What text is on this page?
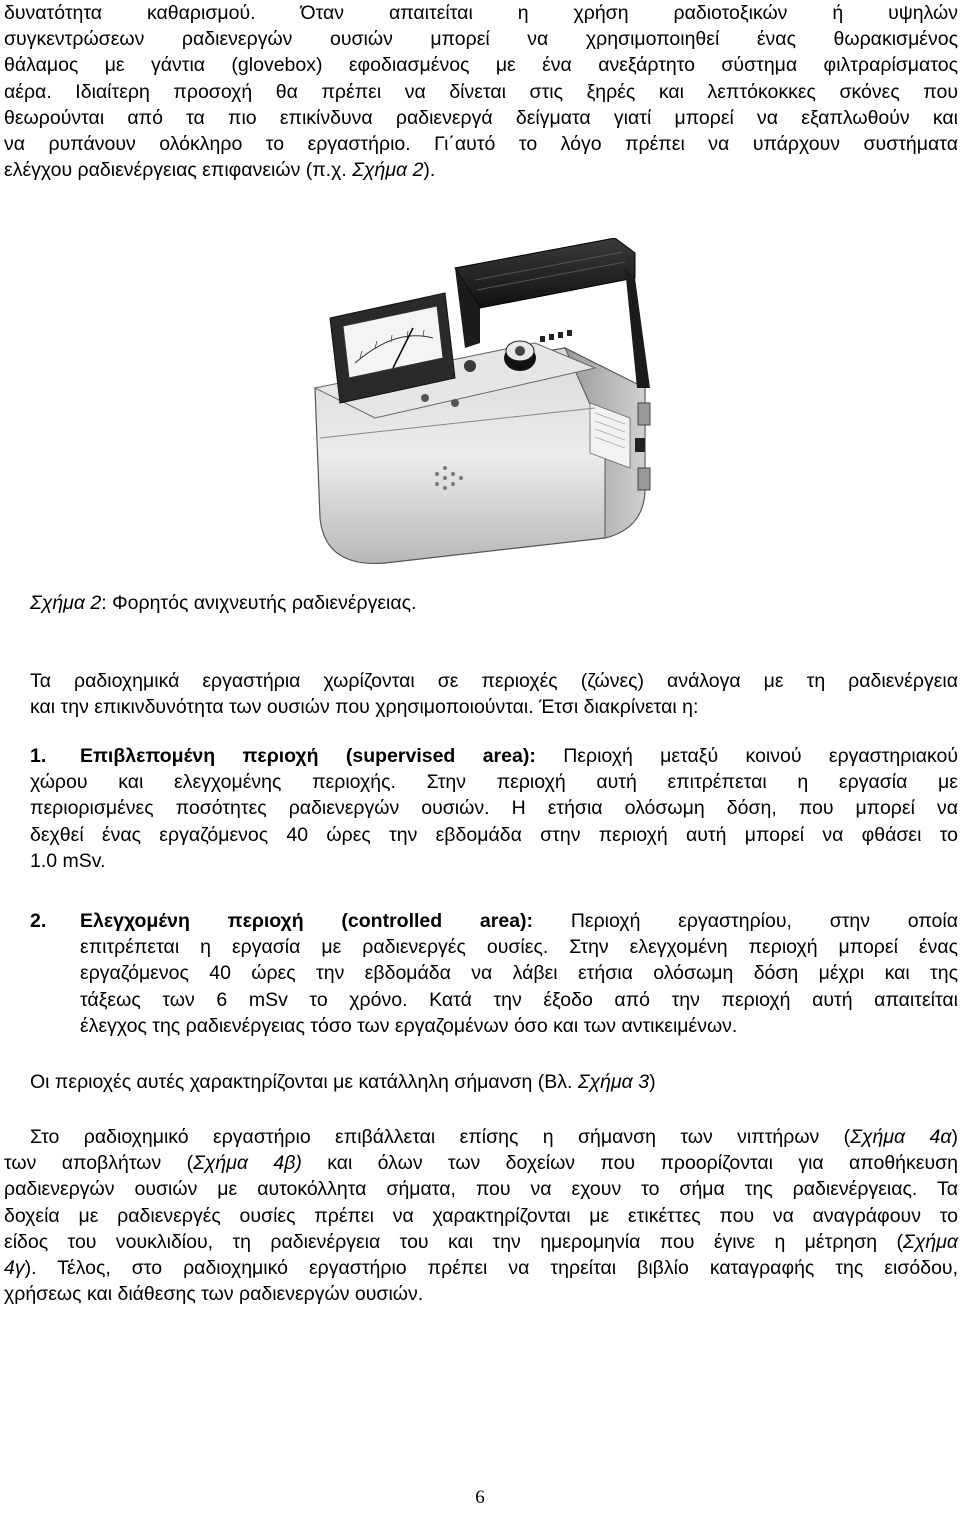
δυνατότητα καθαρισμού. Όταν απαιτείται η χρήση ραδιοτοξικών ή υψηλών
συγκεντρώσεων ραδιενεργών ουσιών μπορεί να χρησιμοποιηθεί ένας θωρακισμένος
θάλαμος με γάντια (glovebox) εφοδιασμένος με ένα ανεξάρτητο σύστημα φιλτραρίσματος
αέρα. Ιδιαίτερη προσοχή θα πρέπει να δίνεται στις ξηρές και λεπτόκοκκες σκόνες που
θεωρούνται από τα πιο επικίνδυνα ραδιενεργά δείγματα γιατί μπορεί να εξαπλωθούν και
να ρυπάνουν ολόκληρο το εργαστήριο. Γι΄αυτό το λόγο πρέπει να υπάρχουν συστήματα
ελέγχου ραδιενέργειας επιφανειών (π.χ. Σχήμα 2).

Σχήμα 2: Φορητός ανιχνευτής ραδιενέργειας.

Τα ραδιοχημικά εργαστήρια χωρίζονται σε περιοχές (ζώνες) ανάλογα με τη ραδιενέργεια
και την επικινδυνότητα των ουσιών που χρησιμοποιούνται. Έτσι διακρίνεται η:
1. Επιβλεπομένη περιοχή (supervised area): Περιοχή μεταξύ κοινού εργαστηριακού
χώρου και ελεγχομένης περιοχής. Στην περιοχή αυτή επιτρέπεται η εργασία με
περιορισμένες ποσότητες ραδιενεργών ουσιών. Η ετήσια ολόσωμη δόση, που μπορεί να
δεχθεί ένας εργαζόμενος 40 ώρες την εβδομάδα στην περιοχή αυτή μπορεί να φθάσει το
1.0 mSv.
2. Ελεγχομένη περιοχή (controlled area): Περιοχή εργαστηρίου, στην οποία
επιτρέπεται η εργασία με ραδιενεργές ουσίες. Στην ελεγχομένη περιοχή μπορεί ένας
εργαζόμενος 40 ώρες την εβδομάδα να λάβει ετήσια ολόσωμη δόση μέχρι και της
τάξεως των 6 mSv το χρόνο. Κατά την έξοδο από την περιοχή αυτή απαιτείται
έλεγχος της ραδιενέργειας τόσο των εργαζομένων όσο και των αντικειμένων.

Οι περιοχές αυτές χαρακτηρίζονται με κατάλληλη σήμανση (Βλ. Σχήμα 3)

Στο ραδιοχημικό εργαστήριο επιβάλλεται επίσης η σήμανση των νιπτήρων (Σχήμα 4α)
των αποβλήτων (Σχήμα 4β) και όλων των δοχείων που προορίζονται για αποθήκευση
ραδιενεργών ουσιών με αυτοκόλλητα σήματα, που να εχουν το σήμα της ραδιενέργειας. Τα
δοχεία με ραδιενεργές ουσίες πρέπει να χαρακτηρίζονται με ετικέττες που να αναγράφουν το
είδος του νουκλιδίου, τη ραδιενέργεια του και την ημερομηνία που έγινε η μέτρηση (Σχήμα
4γ). Τέλος, στο ραδιοχημικό εργαστήριο πρέπει να τηρείται βιβλίο καταγραφής της εισόδου,
χρήσεως και διάθεσης των ραδιενεργών ουσιών.
6
